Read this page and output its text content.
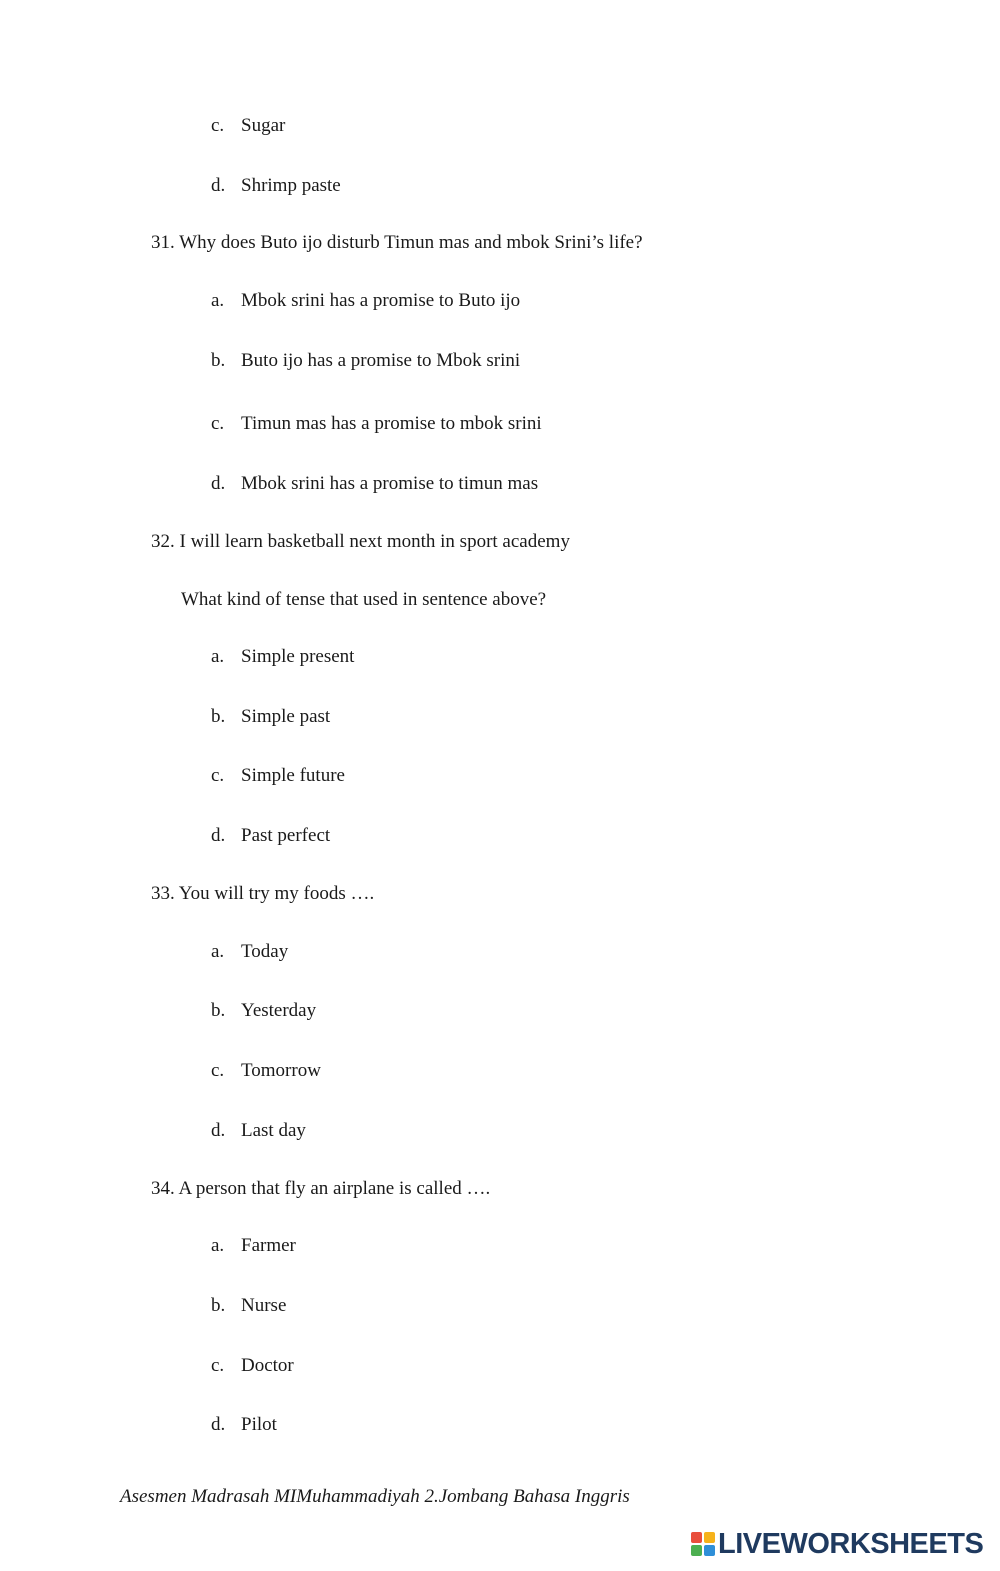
c. Sugar
d. Shrimp paste
31. Why does Buto ijo disturb Timun mas and mbok Srini’s life?
a. Mbok srini has a promise to Buto ijo
b. Buto ijo has a promise to Mbok srini
c. Timun mas has a promise to mbok srini
d. Mbok srini has a promise to timun mas
32. I will learn basketball next month in sport academy
What kind of tense that used in sentence above?
a. Simple present
b. Simple past
c. Simple future
d. Past perfect
33. You will try my foods ….
a. Today
b. Yesterday
c. Tomorrow
d. Last day
34. A person that fly an airplane is called ….
a. Farmer
b. Nurse
c. Doctor
d. Pilot
Asesmen Madrasah MIMuhammadiyah 2.Jombang Bahasa Inggris
LIVEWORKSHEETS
